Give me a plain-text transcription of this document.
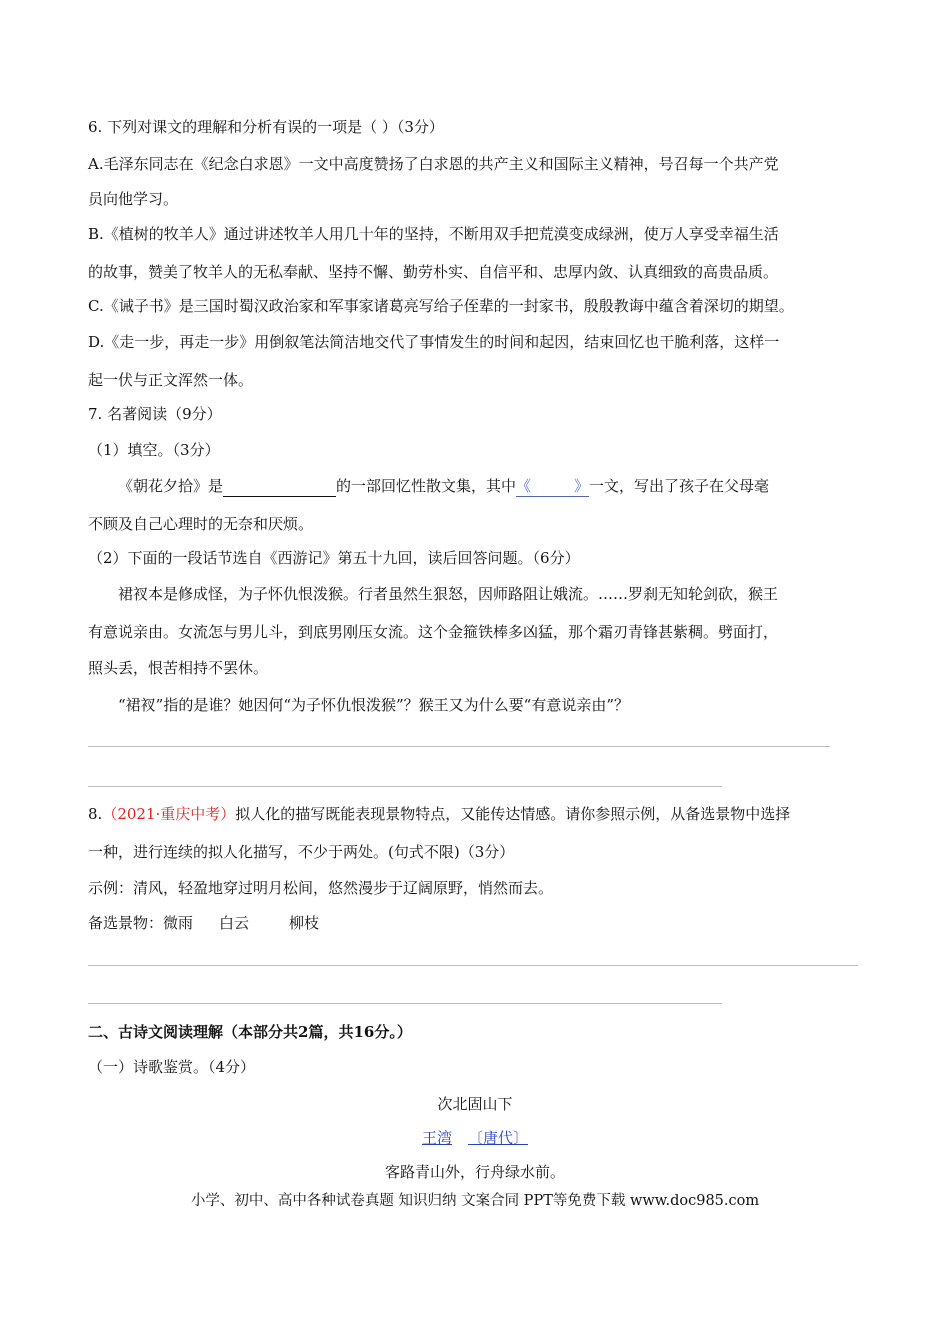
6. 下列对课文的理解和分析有误的一项是（ ）（3分）
A.毛泽东同志在《纪念白求恩》一文中高度赞扬了白求恩的共产主义和国际主义精神，号召每一个共产党
员向他学习。
B.《植树的牧羊人》通过讲述牧羊人用几十年的坚持，不断用双手把荒漠变成绿洲，使万人享受幸福生活
的故事，赞美了牧羊人的无私奉献、坚持不懈、勤劳朴实、自信平和、忠厚内敛、认真细致的高贵品质。
C.《诫子书》是三国时蜀汉政治家和军事家诸葛亮写给子侄辈的一封家书，殷殷教诲中蕴含着深切的期望。
D.《走一步，再走一步》用倒叙笔法简洁地交代了事情发生的时间和起因，结束回忆也干脆利落，这样一
起一伏与正文浑然一体。
7. 名著阅读（9分）
（1）填空。（3分）
《朝花夕拾》是	的一部回忆性散文集，其中《         》一文，写出了孩子在父母毫
不顾及自己心理时的无奈和厌烦。
（2）下面的一段话节选自《西游记》第五十九回，读后回答问题。（6分）
裙衩本是修成怪，为子怀仇恨泼猴。行者虽然生狠怒，因师路阻让娥流。……罗刹无知轮剑砍，猴王
有意说亲由。女流怎与男儿斗，到底男刚压女流。这个金箍铁棒多凶猛，那个霜刃青锋甚紫稠。劈面打，
照头丢，恨苦相持不罢休。
“裙衩”指的是谁？她因何“为子怀仇恨泼猴”？猴王又为什么要“有意说亲由”？
8.（2021·重庆中考）拟人化的描写既能表现景物特点，又能传达情感。请你参照示例，从备选景物中选择
一种，进行连续的拟人化描写，不少于两处。(句式不限)（3分）
示例：清风，轻盈地穿过明月松间，悠然漫步于辽阔原野，悄然而去。
备选景物：微雨 白云	柳枝
二、古诗文阅读理解（本部分共2篇，共16分。）
（一）诗歌鉴赏。（4分）
次北固山下
王湾 〔唐代〕
客路青山外，行舟绿水前。
小学、初中、高中各种试卷真题 知识归纳 文案合同 PPT等免费下载 www.doc985.com
